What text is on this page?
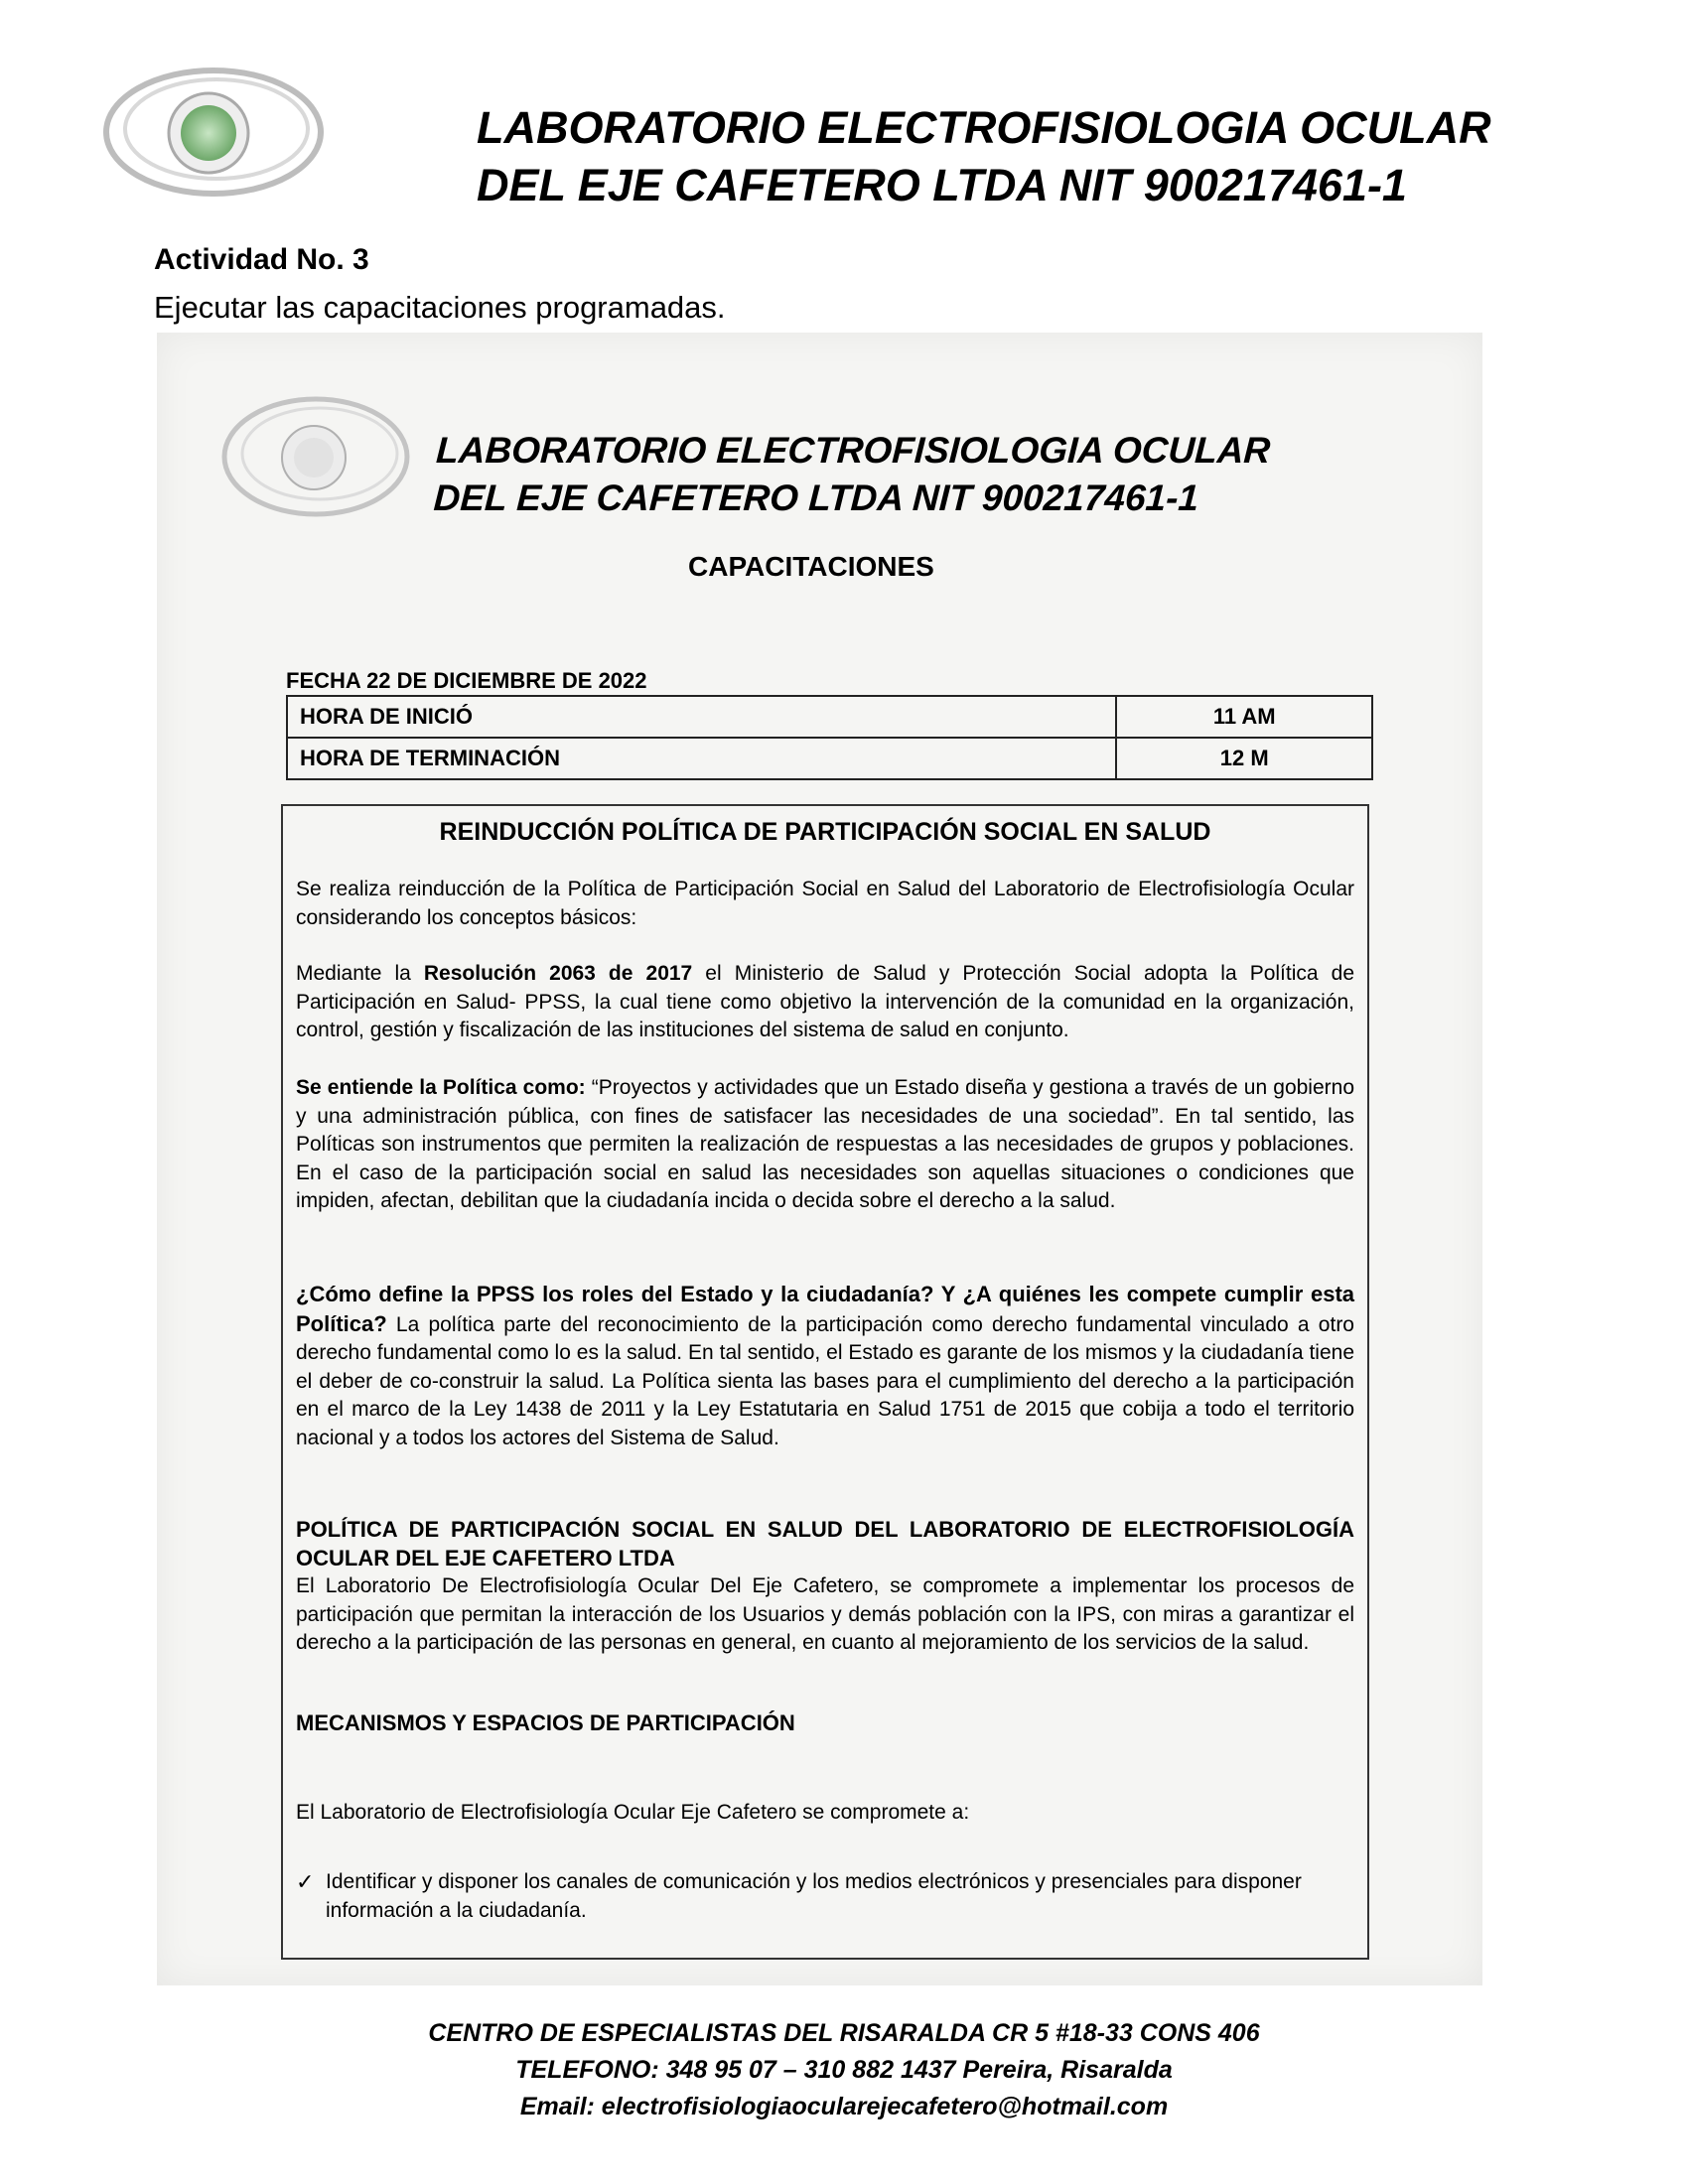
LABORATORIO ELECTROFISIOLOGIA OCULAR
DEL EJE CAFETERO LTDA NIT 900217461-1
Actividad No. 3
Ejecutar las capacitaciones programadas.
LABORATORIO ELECTROFISIOLOGIA OCULAR
DEL EJE CAFETERO LTDA NIT 900217461-1
CAPACITACIONES
FECHA 22 DE DICIEMBRE DE 2022
HORA DE INICIÓ	11 AM
HORA DE TERMINACIÓN	12 M
REINDUCCIÓN POLÍTICA DE PARTICIPACIÓN SOCIAL EN SALUD
Se realiza reinducción de la Política de Participación Social en Salud del Laboratorio de Electrofisiología Ocular considerando los conceptos básicos:
Mediante la Resolución 2063 de 2017 el Ministerio de Salud y Protección Social adopta la Política de Participación en Salud- PPSS, la cual tiene como objetivo la intervención de la comunidad en la organización, control, gestión y fiscalización de las instituciones del sistema de salud en conjunto.
Se entiende la Política como: “Proyectos y actividades que un Estado diseña y gestiona a través de un gobierno y una administración pública, con fines de satisfacer las necesidades de una sociedad”. En tal sentido, las Políticas son instrumentos que permiten la realización de respuestas a las necesidades de grupos y poblaciones. En el caso de la participación social en salud las necesidades son aquellas situaciones o condiciones que impiden, afectan, debilitan que la ciudadanía incida o decida sobre el derecho a la salud.
¿Cómo define la PPSS los roles del Estado y la ciudadanía? Y ¿A quiénes les compete cumplir esta Política? La política parte del reconocimiento de la participación como derecho fundamental vinculado a otro derecho fundamental como lo es la salud. En tal sentido, el Estado es garante de los mismos y la ciudadanía tiene el deber de co-construir la salud. La Política sienta las bases para el cumplimiento del derecho a la participación en el marco de la Ley 1438 de 2011 y la Ley Estatutaria en Salud 1751 de 2015 que cobija a todo el territorio nacional y a todos los actores del Sistema de Salud.
POLÍTICA DE PARTICIPACIÓN SOCIAL EN SALUD DEL LABORATORIO DE ELECTROFISIOLOGÍA OCULAR DEL EJE CAFETERO LTDA
El Laboratorio De Electrofisiología Ocular Del Eje Cafetero, se compromete a implementar los procesos de participación que permitan la interacción de los Usuarios y demás población con la IPS, con miras a garantizar el derecho a la participación de las personas en general, en cuanto al mejoramiento de los servicios de la salud.
MECANISMOS Y ESPACIOS DE PARTICIPACIÓN
El Laboratorio de Electrofisiología Ocular Eje Cafetero se compromete a:
✓ Identificar y disponer los canales de comunicación y los medios electrónicos y presenciales para disponer información a la ciudadanía.
CENTRO DE ESPECIALISTAS DEL RISARALDA CR 5 #18-33 CONS 406
TELEFONO: 348 95 07 – 310 882 1437 Pereira, Risaralda
Email: electrofisiologiaocularejecafetero@hotmail.com
